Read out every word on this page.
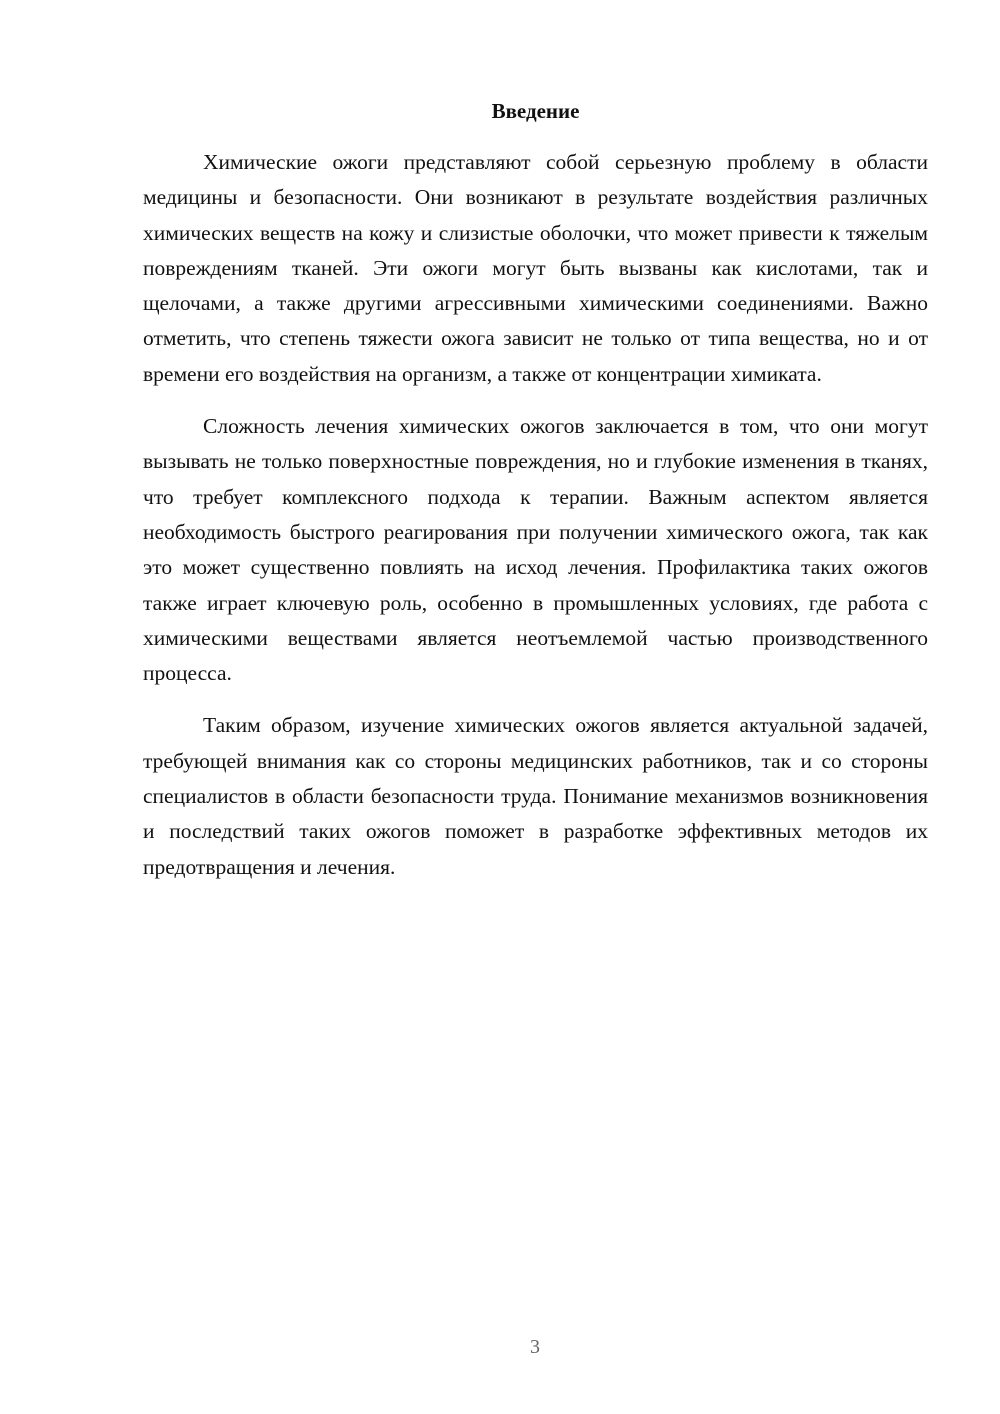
Введение

Химические ожоги представляют собой серьезную проблему в области медицины и безопасности. Они возникают в результате воздействия различных химических веществ на кожу и слизистые оболочки, что может привести к тяжелым повреждениям тканей. Эти ожоги могут быть вызваны как кислотами, так и щелочами, а также другими агрессивными химическими соединениями. Важно отметить, что степень тяжести ожога зависит не только от типа вещества, но и от времени его воздействия на организм, а также от концентрации химиката.

Сложность лечения химических ожогов заключается в том, что они могут вызывать не только поверхностные повреждения, но и глубокие изменения в тканях, что требует комплексного подхода к терапии. Важным аспектом является необходимость быстрого реагирования при получении химического ожога, так как это может существенно повлиять на исход лечения. Профилактика таких ожогов также играет ключевую роль, особенно в промышленных условиях, где работа с химическими веществами является неотъемлемой частью производственного процесса.

Таким образом, изучение химических ожогов является актуальной задачей, требующей внимания как со стороны медицинских работников, так и со стороны специалистов в области безопасности труда. Понимание механизмов возникновения и последствий таких ожогов поможет в разработке эффективных методов их предотвращения и лечения.

3
